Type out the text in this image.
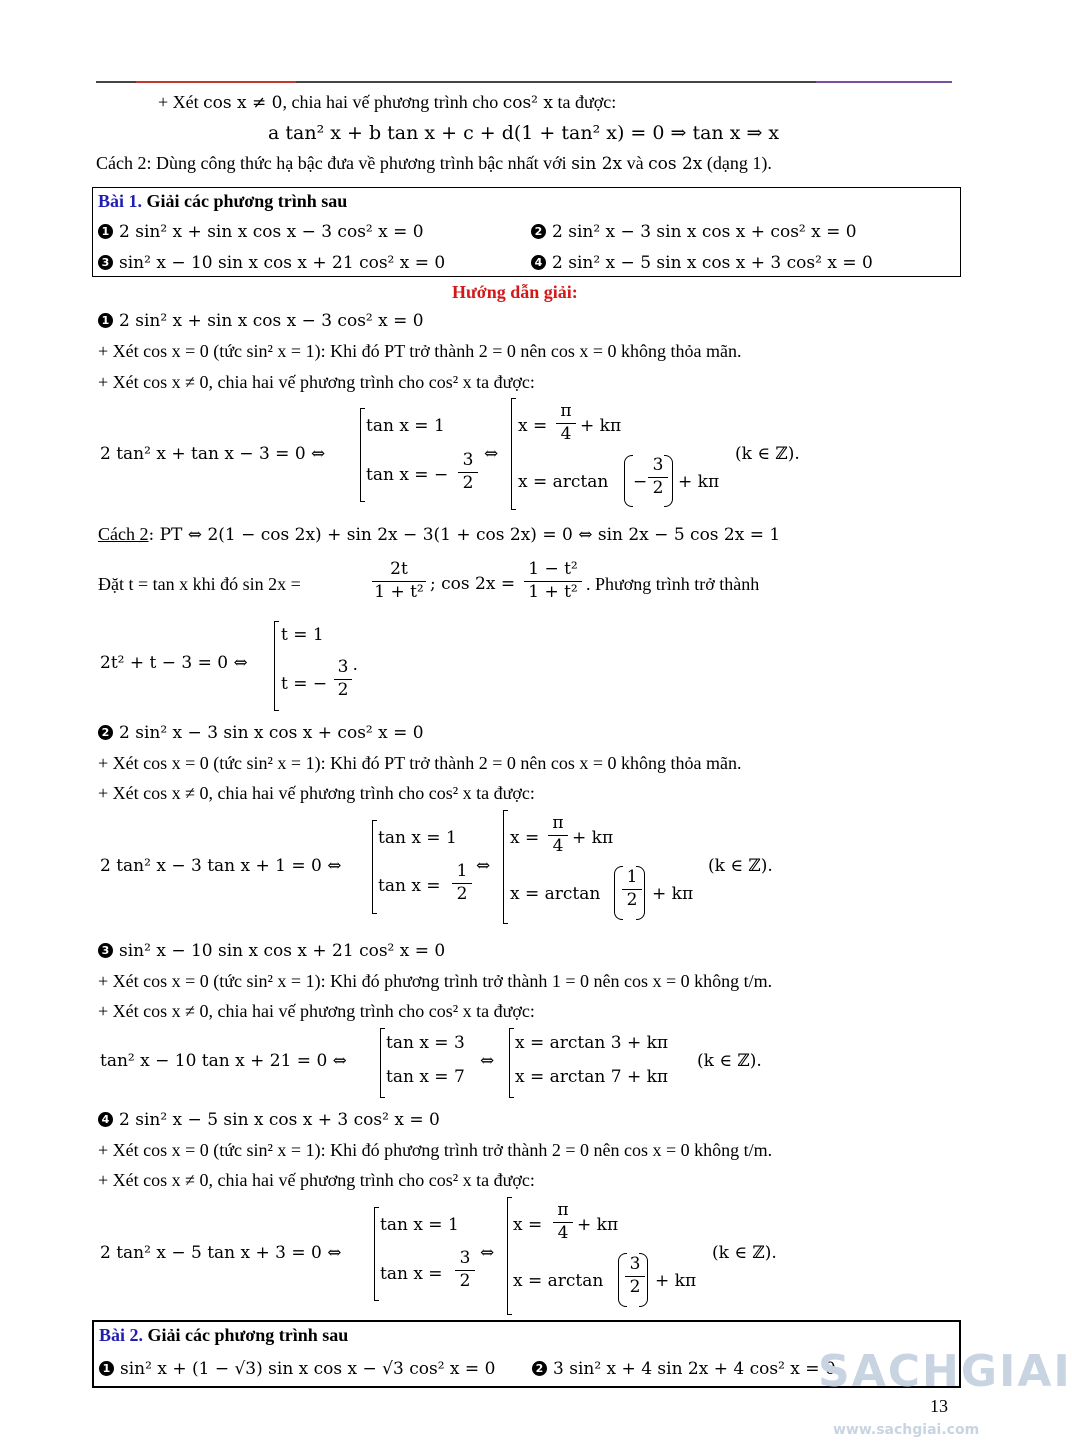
+ Xét cos x ≠ 0, chia hai vế phương trình cho cos² x ta được:
a tan² x + b tan x + c + d(1 + tan² x) = 0 ⇒ tan x ⇒ x
Cách 2: Dùng công thức hạ bậc đưa về phương trình bậc nhất với sin 2x và cos 2x (dạng 1).
Bài 1. Giải các phương trình sau
1 2 sin² x + sin x cos x − 3 cos² x = 0	2 2 sin² x − 3 sin x cos x + cos² x = 0
3 sin² x − 10 sin x cos x + 21 cos² x = 0	4 2 sin² x − 5 sin x cos x + 3 cos² x = 0
Hướng dẫn giải:
1 2 sin² x + sin x cos x − 3 cos² x = 0
+ Xét cos x = 0 (tức sin² x = 1): Khi đó PT trở thành 2 = 0 nên cos x = 0 không thỏa mãn.
+ Xét cos x ≠ 0, chia hai vế phương trình cho cos² x ta được:
2 tan² x + tan x − 3 = 0 ⇔
tan x = 1
tan x = −
3
2
⇔
x =
π
4 + kπ
x = arctan −
3
2 + kπ
(k ∈ ℤ).
Cách 2: PT ⇔ 2(1 − cos 2x) + sin 2x − 3(1 + cos 2x) = 0 ⇔ sin 2x − 5 cos 2x = 1
Đặt t = tan x khi đó sin 2x =
2t
1 + t² ; cos 2x =
1 − t²
1 + t² . Phương trình trở thành
2t² + t − 3 = 0 ⇔
t = 1
t = −
3
2
.
2 2 sin² x − 3 sin x cos x + cos² x = 0
+ Xét cos x = 0 (tức sin² x = 1): Khi đó PT trở thành 2 = 0 nên cos x = 0 không thỏa mãn.
+ Xét cos x ≠ 0, chia hai vế phương trình cho cos² x ta được:
2 tan² x − 3 tan x + 1 = 0 ⇔
tan x = 1
tan x =
1
2
⇔
x =
π
4 + kπ
x = arctan
1
2 + kπ
(k ∈ ℤ).
3 sin² x − 10 sin x cos x + 21 cos² x = 0
+ Xét cos x = 0 (tức sin² x = 1): Khi đó phương trình trở thành 1 = 0 nên cos x = 0 không t/m.
+ Xét cos x ≠ 0, chia hai vế phương trình cho cos² x ta được:
tan² x − 10 tan x + 21 = 0 ⇔
tan x = 3
tan x = 7
⇔
x = arctan 3 + kπ
x = arctan 7 + kπ
(k ∈ ℤ).
4 2 sin² x − 5 sin x cos x + 3 cos² x = 0
+ Xét cos x = 0 (tức sin² x = 1): Khi đó phương trình trở thành 2 = 0 nên cos x = 0 không t/m.
+ Xét cos x ≠ 0, chia hai vế phương trình cho cos² x ta được:
2 tan² x − 5 tan x + 3 = 0 ⇔
tan x = 1
tan x =
3
2
⇔
x =
π
4 + kπ
x = arctan
3
2 + kπ
(k ∈ ℤ).
Bài 2. Giải các phương trình sau
1 sin² x + (1 − √3) sin x cos x − √3 cos² x = 0	2 3 sin² x + 4 sin 2x + 4 cos² x = 0
SACHGIAI
13
www.sachgiai.com
